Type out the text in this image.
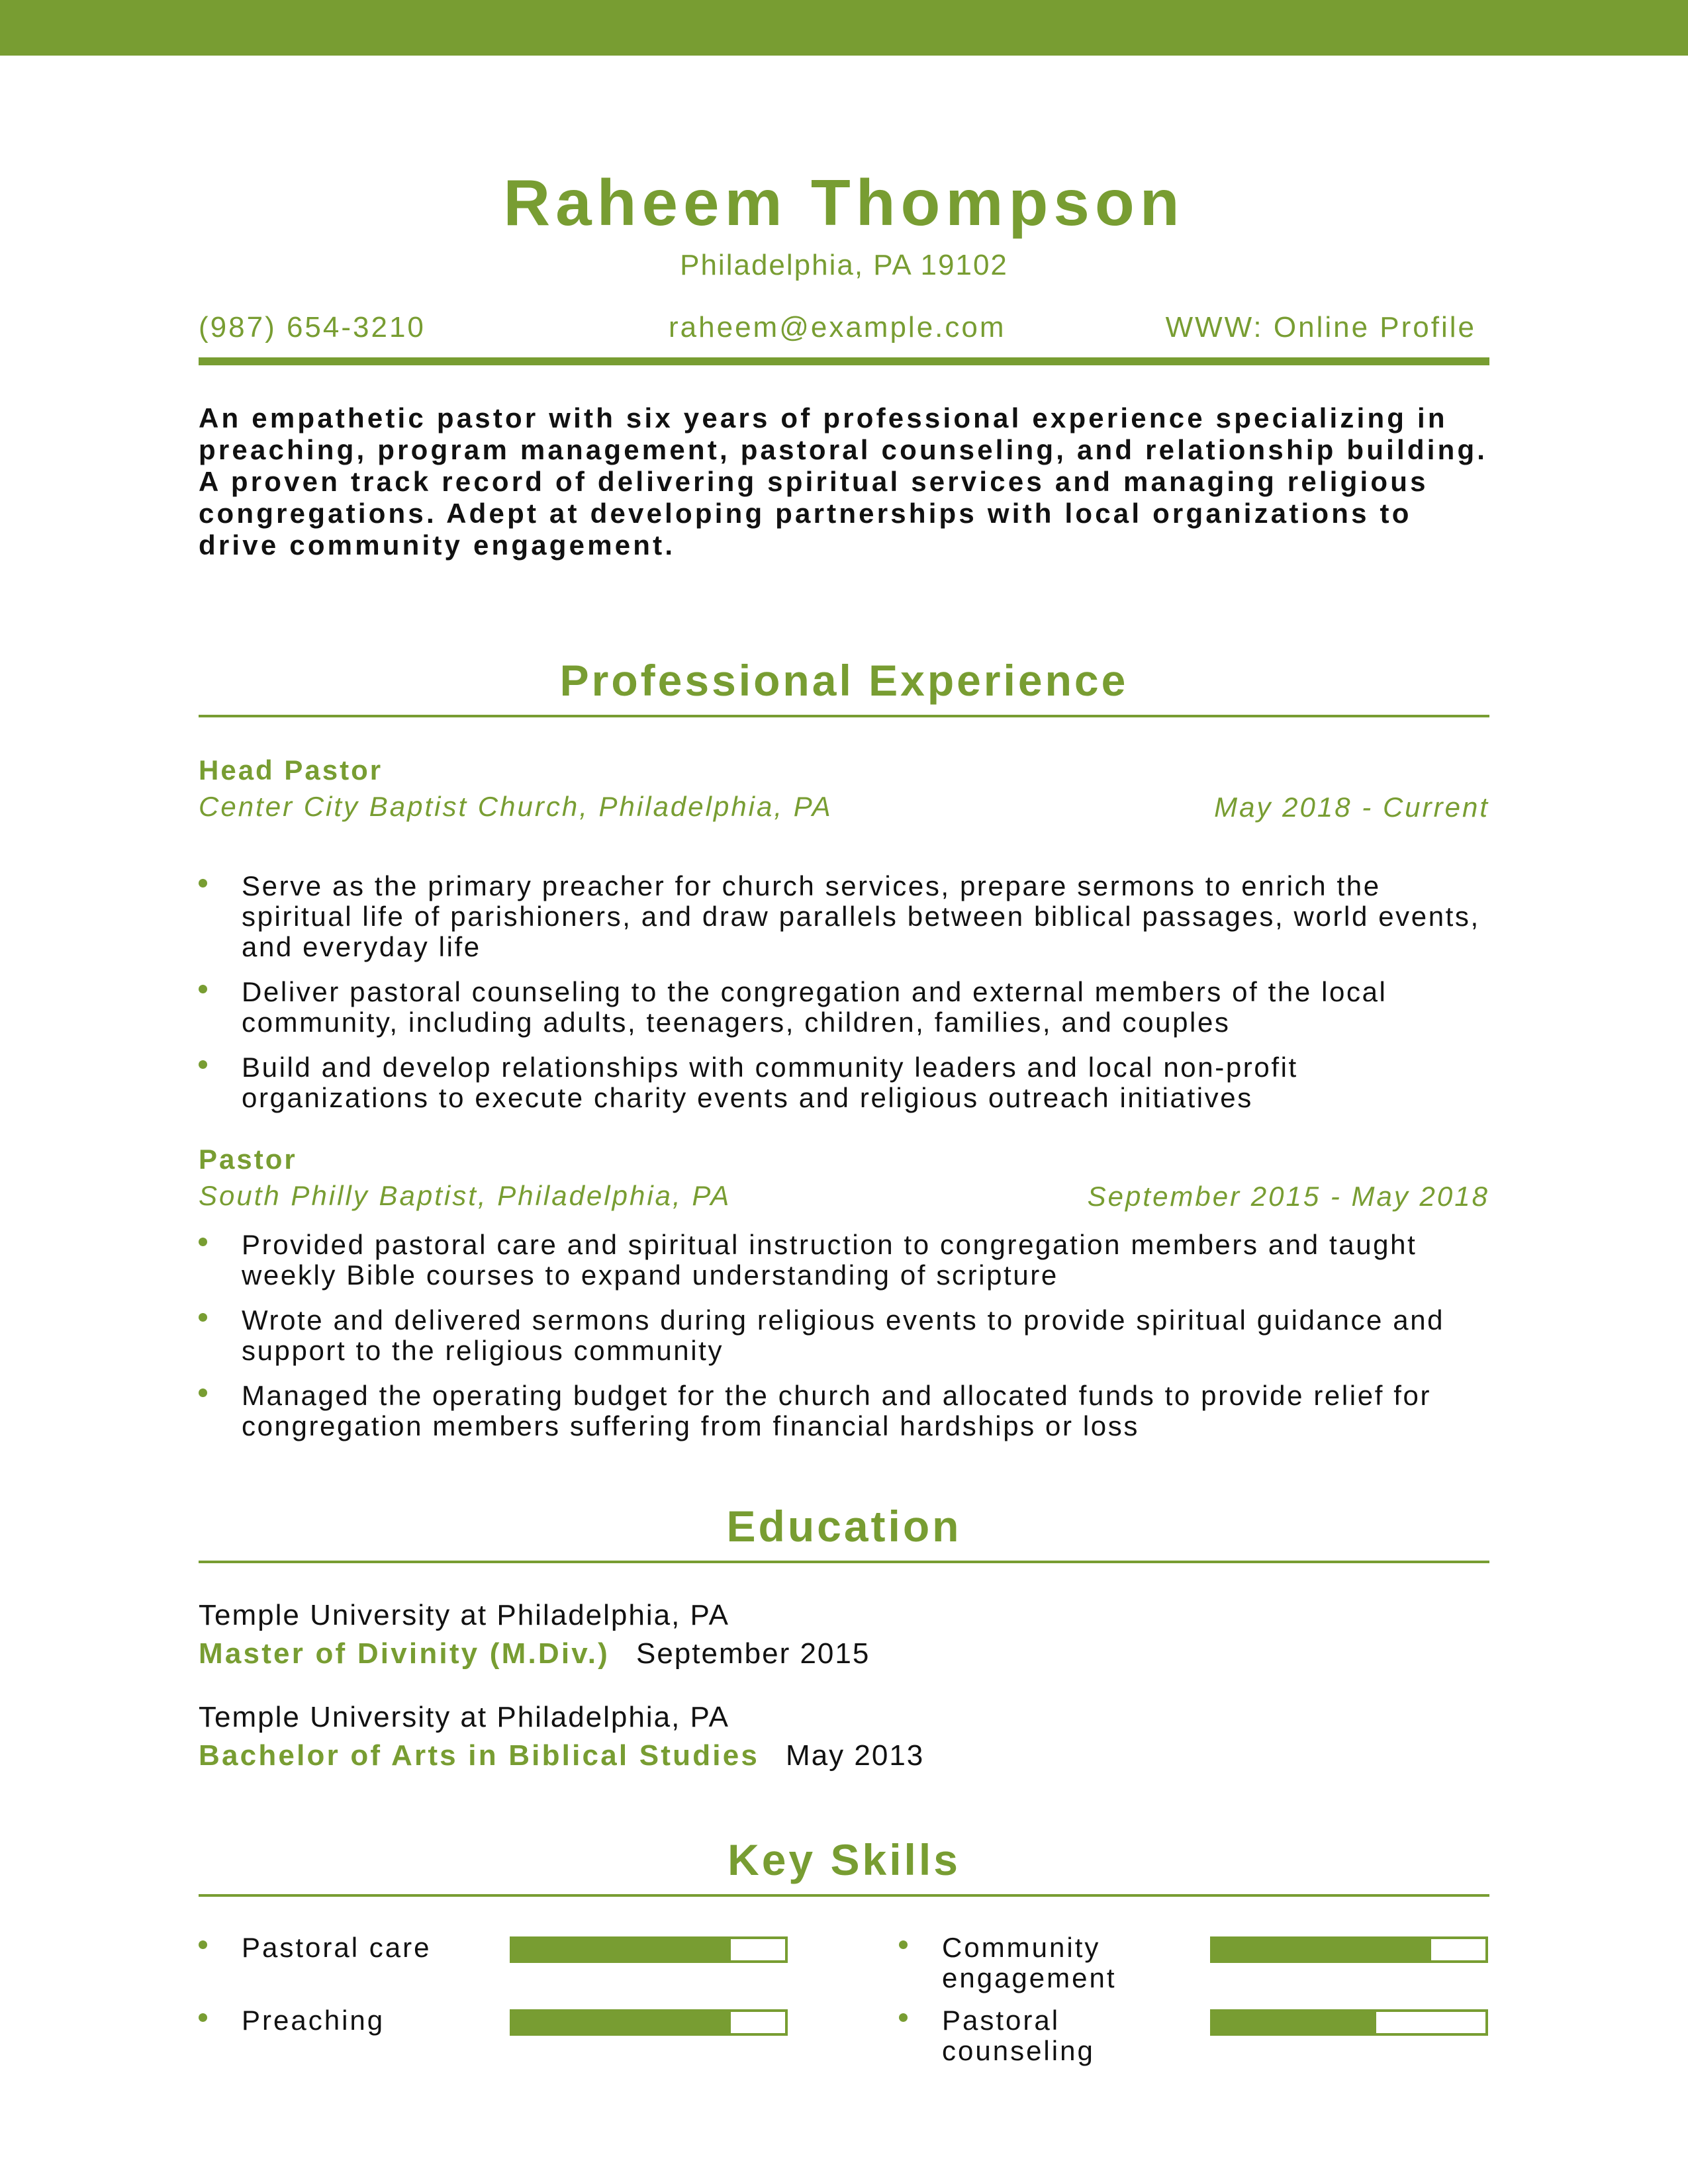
Raheem Thompson
Philadelphia, PA 19102
(987) 654-3210	raheem@example.com	WWW: Online Profile
An empathetic pastor with six years of professional experience specializing in preaching, program management, pastoral counseling, and relationship building. A proven track record of delivering spiritual services and managing religious congregations. Adept at developing partnerships with local organizations to drive community engagement.
Professional Experience
Head Pastor
Center City Baptist Church, Philadelphia, PA	May 2018 - Current
Serve as the primary preacher for church services, prepare sermons to enrich the spiritual life of parishioners, and draw parallels between biblical passages, world events, and everyday life
Deliver pastoral counseling to the congregation and external members of the local community, including adults, teenagers, children, families, and couples
Build and develop relationships with community leaders and local non-profit organizations to execute charity events and religious outreach initiatives
Pastor
South Philly Baptist, Philadelphia, PA	September 2015 - May 2018
Provided pastoral care and spiritual instruction to congregation members and taught weekly Bible courses to expand understanding of scripture
Wrote and delivered sermons during religious events to provide spiritual guidance and support to the religious community
Managed the operating budget for the church and allocated funds to provide relief for congregation members suffering from financial hardships or loss
Education
Temple University at Philadelphia, PA
Master of Divinity (M.Div.) September 2015
Temple University at Philadelphia, PA
Bachelor of Arts in Biblical Studies May 2013
Key Skills
Pastoral care	Community engagement
Preaching	Pastoral counseling
